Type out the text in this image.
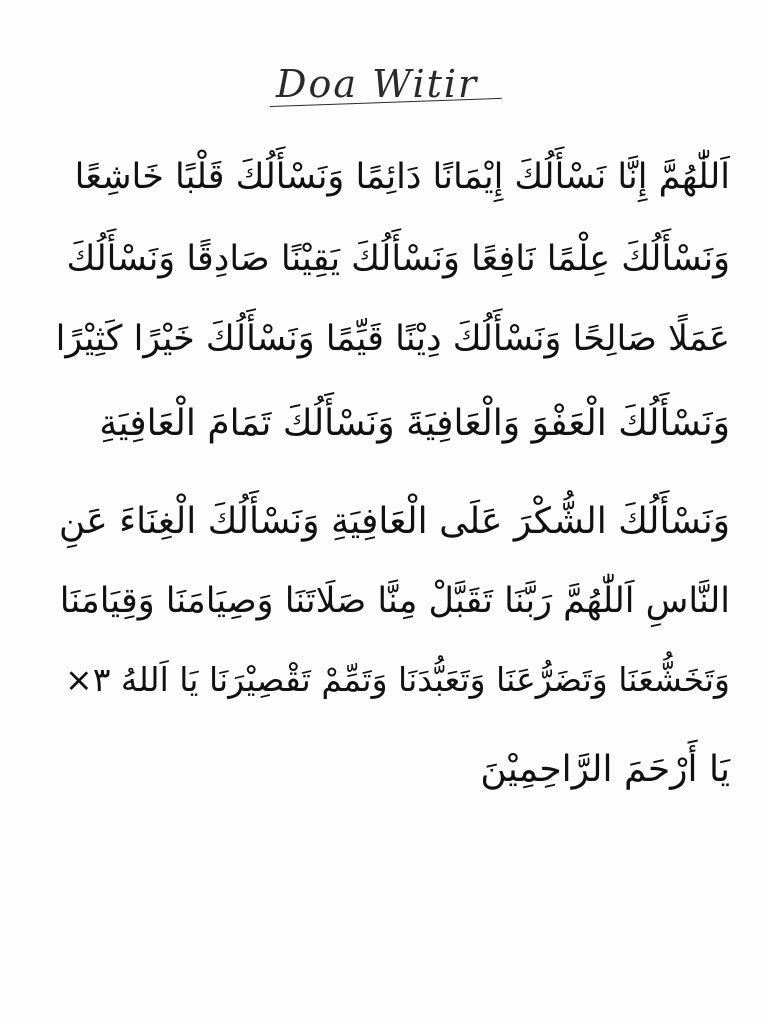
Doa Witir
اَللّٰهُمَّ إِنَّا نَسْأَلُكَ إِيْمَانًا دَائِمًا وَنَسْأَلُكَ قَلْبًا خَاشِعًا
وَنَسْأَلُكَ عِلْمًا نَافِعًا وَنَسْأَلُكَ يَقِيْنًا صَادِقًا وَنَسْأَلُكَ
عَمَلًا صَالِحًا وَنَسْأَلُكَ دِيْنًا قَيِّمًا وَنَسْأَلُكَ خَيْرًا كَثِيْرًا
وَنَسْأَلُكَ الْعَفْوَ وَالْعَافِيَةَ وَنَسْأَلُكَ تَمَامَ الْعَافِيَةِ
وَنَسْأَلُكَ الشُّكْرَ عَلَى الْعَافِيَةِ وَنَسْأَلُكَ الْغِنَاءَ عَنِ
النَّاسِ اَللّٰهُمَّ رَبَّنَا تَقَبَّلْ مِنَّا صَلَاتَنَا وَصِيَامَنَا وَقِيَامَنَا
وَتَخَشُّعَنَا وَتَضَرُّعَنَا وَتَعَبُّدَنَا وَتَمِّمْ تَقْصِيْرَنَا يَا اَللهُ ٣×
يَا أَرْحَمَ الرَّاحِمِيْنَ
